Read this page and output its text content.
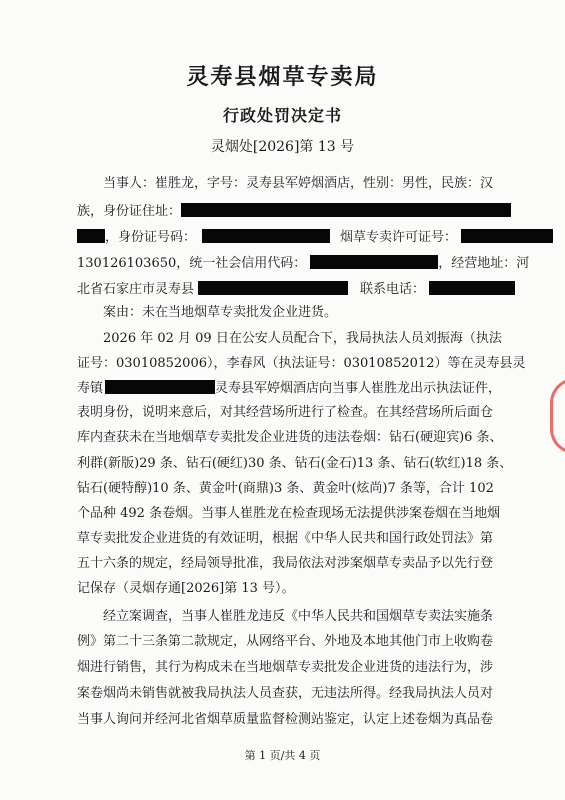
灵寿县烟草专卖局
行政处罚决定书
灵烟处[2026]第 13 号
当事人：崔胜龙，字号：灵寿县军婷烟酒店，性别：男性，民族：汉
族，身份证住址：
，身份证号码：	烟草专卖许可证号：
130126103650，统一社会信用代码：	，经营地址：河
北省石家庄市灵寿县	联系电话：
案由：未在当地烟草专卖批发企业进货。
2026 年 02 月 09 日在公安人员配合下，我局执法人员刘振海（执法
证号：03010852006），李春风（执法证号：03010852012）等在灵寿县灵
寿镇	灵寿县军婷烟酒店向当事人崔胜龙出示执法证件，
表明身份，说明来意后，对其经营场所进行了检查。在其经营场所后面仓
库内查获未在当地烟草专卖批发企业进货的违法卷烟：钻石(硬迎宾)6 条、
利群(新版)29 条、钻石(硬红)30 条、钻石(金石)13 条、钻石(软红)18 条、
钻石(硬特醇)10 条、黄金叶(商鼎)3 条、黄金叶(炫尚)7 条等，合计 102
个品种 492 条卷烟。当事人崔胜龙在检查现场无法提供涉案卷烟在当地烟
草专卖批发企业进货的有效证明，根据《中华人民共和国行政处罚法》第
五十六条的规定，经局领导批准，我局依法对涉案烟草专卖品予以先行登
记保存（灵烟存通[2026]第 13 号）。
经立案调查，当事人崔胜龙违反《中华人民共和国烟草专卖法实施条
例》第二十三条第二款规定，从网络平台、外地及本地其他门市上收购卷
烟进行销售，其行为构成未在当地烟草专卖批发企业进货的违法行为，涉
案卷烟尚未销售就被我局执法人员查获，无违法所得。经我局执法人员对
当事人询问并经河北省烟草质量监督检测站鉴定，认定上述卷烟为真品卷
第 1 页/共 4 页
